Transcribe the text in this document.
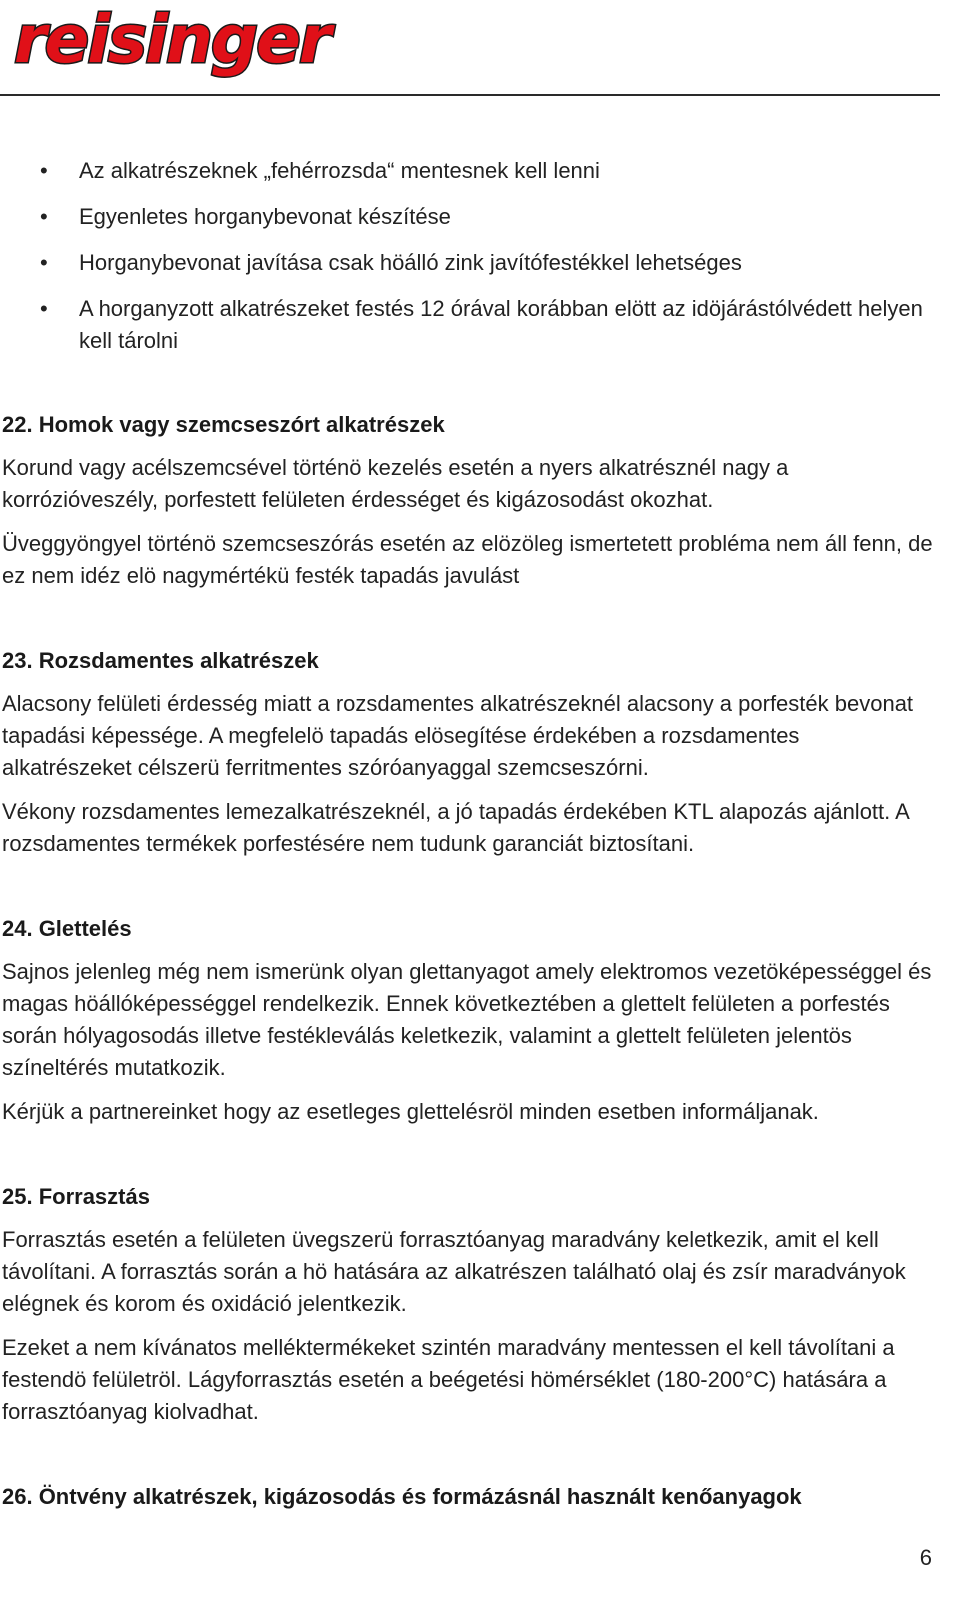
reisinger
• Az alkatrészeknek „fehérrozsda“ mentesnek kell lenni
• Egyenletes horganybevonat készítése
• Horganybevonat javítása csak höálló zink javítófestékkel lehetséges
• A horganyzott alkatrészeket festés 12 órával korábban elött az idöjárástólvédett helyen kell tárolni
22. Homok vagy szemcseszórt alkatrészek

Korund vagy acélszemcsével történö kezelés esetén a nyers alkatrésznél nagy a korrózióveszély, porfestett felületen érdességet és kigázosodást okozhat.

Üveggyöngyel történö szemcseszórás esetén az elözöleg ismertetett probléma nem áll fenn, de ez nem idéz elö nagymértékü festék tapadás javulást

23. Rozsdamentes alkatrészek

Alacsony felületi érdesség miatt a rozsdamentes alkatrészeknél alacsony a porfesték bevonat tapadási képessége. A megfelelö tapadás elösegítése érdekében a rozsdamentes alkatrészeket célszerü ferritmentes szóróanyaggal szemcseszórni.

Vékony rozsdamentes lemezalkatrészeknél, a jó tapadás érdekében KTL alapozás ajánlott. A rozsdamentes termékek porfestésére nem tudunk garanciát biztosítani.

24. Glettelés

Sajnos jelenleg még nem ismerünk olyan glettanyagot amely elektromos vezetöképességgel és magas höállóképességgel rendelkezik. Ennek következtében a glettelt felületen a porfestés során hólyagosodás illetve festékleválás keletkezik, valamint a glettelt felületen jelentös színeltérés mutatkozik.

Kérjük a partnereinket hogy az esetleges glettelésröl minden esetben informáljanak.

25. Forrasztás

Forrasztás esetén a felületen üvegszerü forrasztóanyag maradvány keletkezik, amit el kell távolítani. A forrasztás során a hö hatására az alkatrészen található olaj és zsír maradványok elégnek és korom és oxidáció jelentkezik.

Ezeket a nem kívánatos melléktermékeket szintén maradvány mentessen el kell távolítani a festendö felületröl. Lágyforrasztás esetén a beégetési hömérséklet (180-200°C) hatására a forrasztóanyag kiolvadhat.

26. Öntvény alkatrészek, kigázosodás és formázásnál használt kenőanyagok
6
